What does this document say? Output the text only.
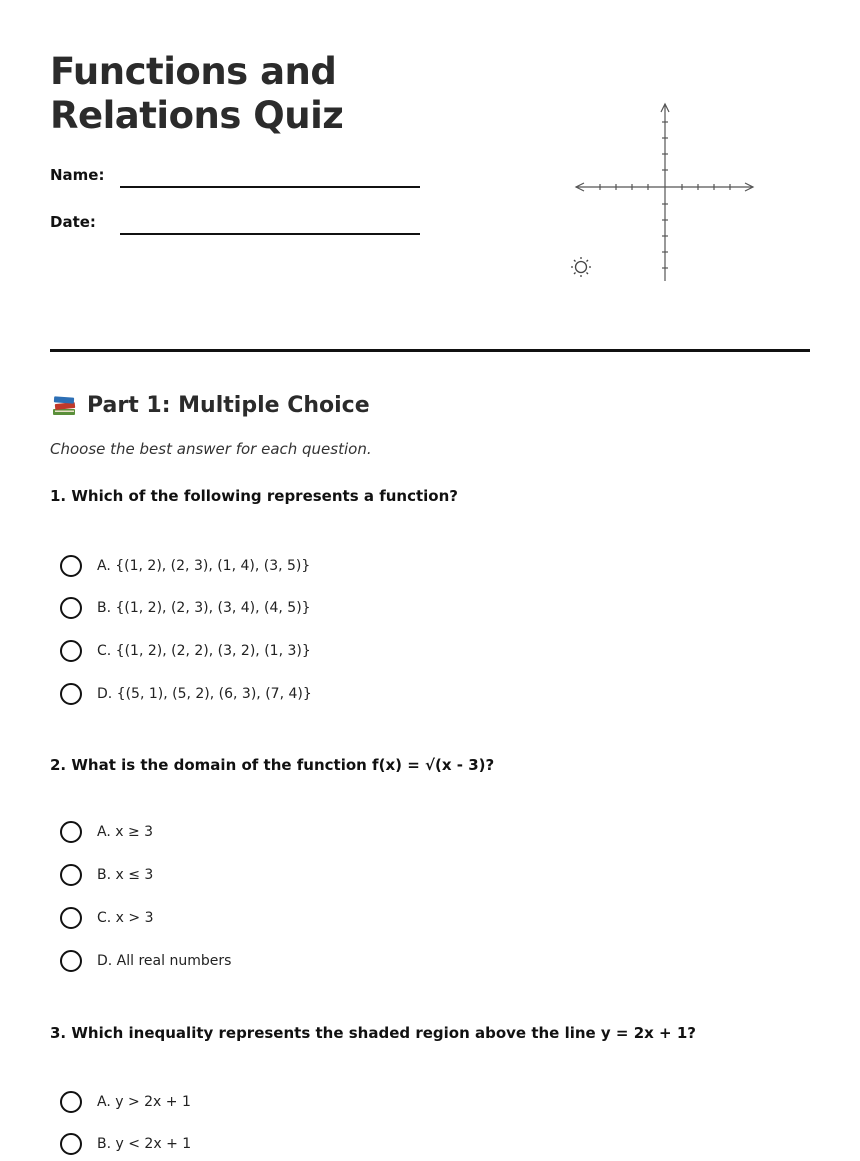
Functions and Relations Quiz
Name:
Date:
Part 1: Multiple Choice
Choose the best answer for each question.
1. Which of the following represents a function?
A. {(1, 2), (2, 3), (1, 4), (3, 5)}
B. {(1, 2), (2, 3), (3, 4), (4, 5)}
C. {(1, 2), (2, 2), (3, 2), (1, 3)}
D. {(5, 1), (5, 2), (6, 3), (7, 4)}
2. What is the domain of the function f(x) = √(x - 3)?
A. x ≥ 3
B. x ≤ 3
C. x > 3
D. All real numbers
3. Which inequality represents the shaded region above the line y = 2x + 1?
A. y > 2x + 1
B. y < 2x + 1
